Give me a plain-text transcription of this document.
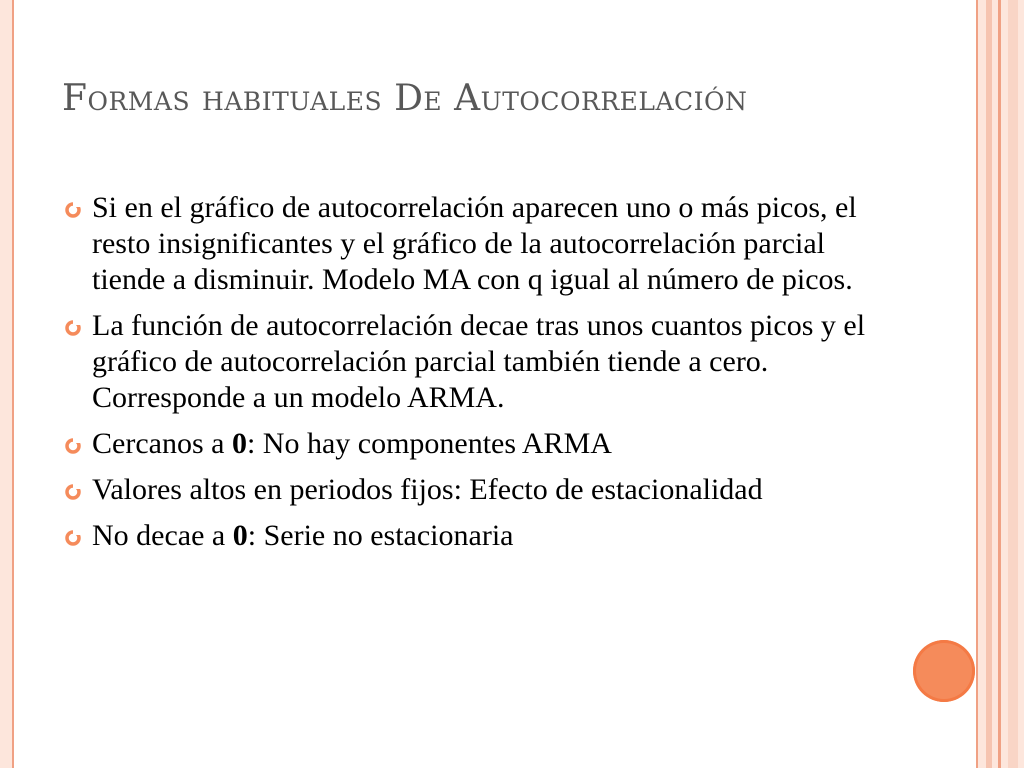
Formas habituales De Autocorrelación
Si en el gráfico de autocorrelación aparecen uno o más picos, el resto insignificantes y el gráfico de la autocorrelación parcial tiende a disminuir. Modelo MA con q igual al número de picos.
La función de autocorrelación decae tras unos cuantos picos y el gráfico de autocorrelación parcial también tiende a cero. Corresponde a un modelo ARMA.
Cercanos a 0: No hay componentes ARMA
Valores altos en periodos fijos: Efecto de estacionalidad
No decae a 0: Serie no estacionaria
